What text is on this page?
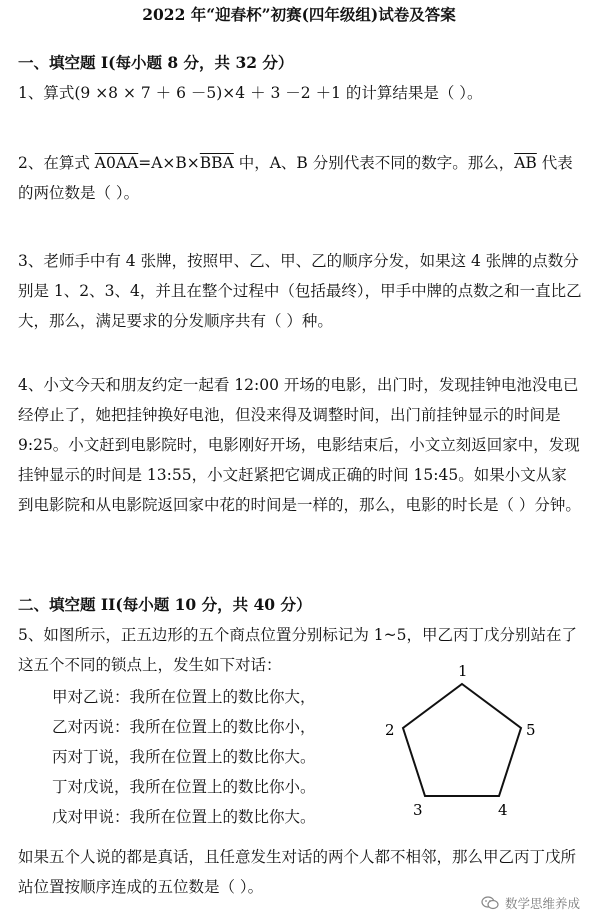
2022 年“迎春杯”初赛(四年级组)试卷及答案
一、填空题 I(每小题 8 分，共 32 分）
1、算式(9 ×8 × 7 ＋ 6 －5)×4 ＋ 3 －2 ＋1 的计算结果是（ ）。
2、在算式 $A0AA=A\times B\times\overline{BBA}$ 中，A、B 分别代表不同的数字。那么，$\overline{AB}$ 代表的两位数是（ ）。
3、老师手中有 4 张牌，按照甲、乙、甲、乙的顺序分发，如果这 4 张牌的点数分别是 1、2、3、4，并且在整个过程中（包括最终），甲手中牌的点数之和一直比乙大，那么，满足要求的分发顺序共有（ ）种。
4、小文今天和朋友约定一起看 12:00 开场的电影，出门时，发现挂钟电池没电已经停止了，她把挂钟换好电池，但没来得及调整时间，出门前挂钟显示的时间是 9:25。小文赶到电影院时，电影刚好开场，电影结束后，小文立刻返回家中，发现挂钟显示的时间是 13:55，小文赶紧把它调成正确的时间 15:45。如果小文从家到电影院和从电影院返回家中花的时间是一样的，那么，电影的时长是（ ）分钟。
二、填空题 II(每小题 10 分，共 40 分）
5、如图所示，正五边形的五个商点位置分别标记为 1~5，甲乙丙丁戊分别站在了这五个不同的锁点上，发生如下对话：
甲对乙说：我所在位置上的数比你大，
乙对丙说：我所在位置上的数比你小，
丙对丁说，我所在位置上的数比你大。
丁对戊说，我所在位置上的数比你小。
戊对甲说：我所在位置上的数比你大。
1
2
3	4
5
如果五个人说的都是真话，且任意发生对话的两个人都不相邻，那么甲乙丙丁戊所站位置按顺序连成的五位数是（ ）。
数学思维养成
